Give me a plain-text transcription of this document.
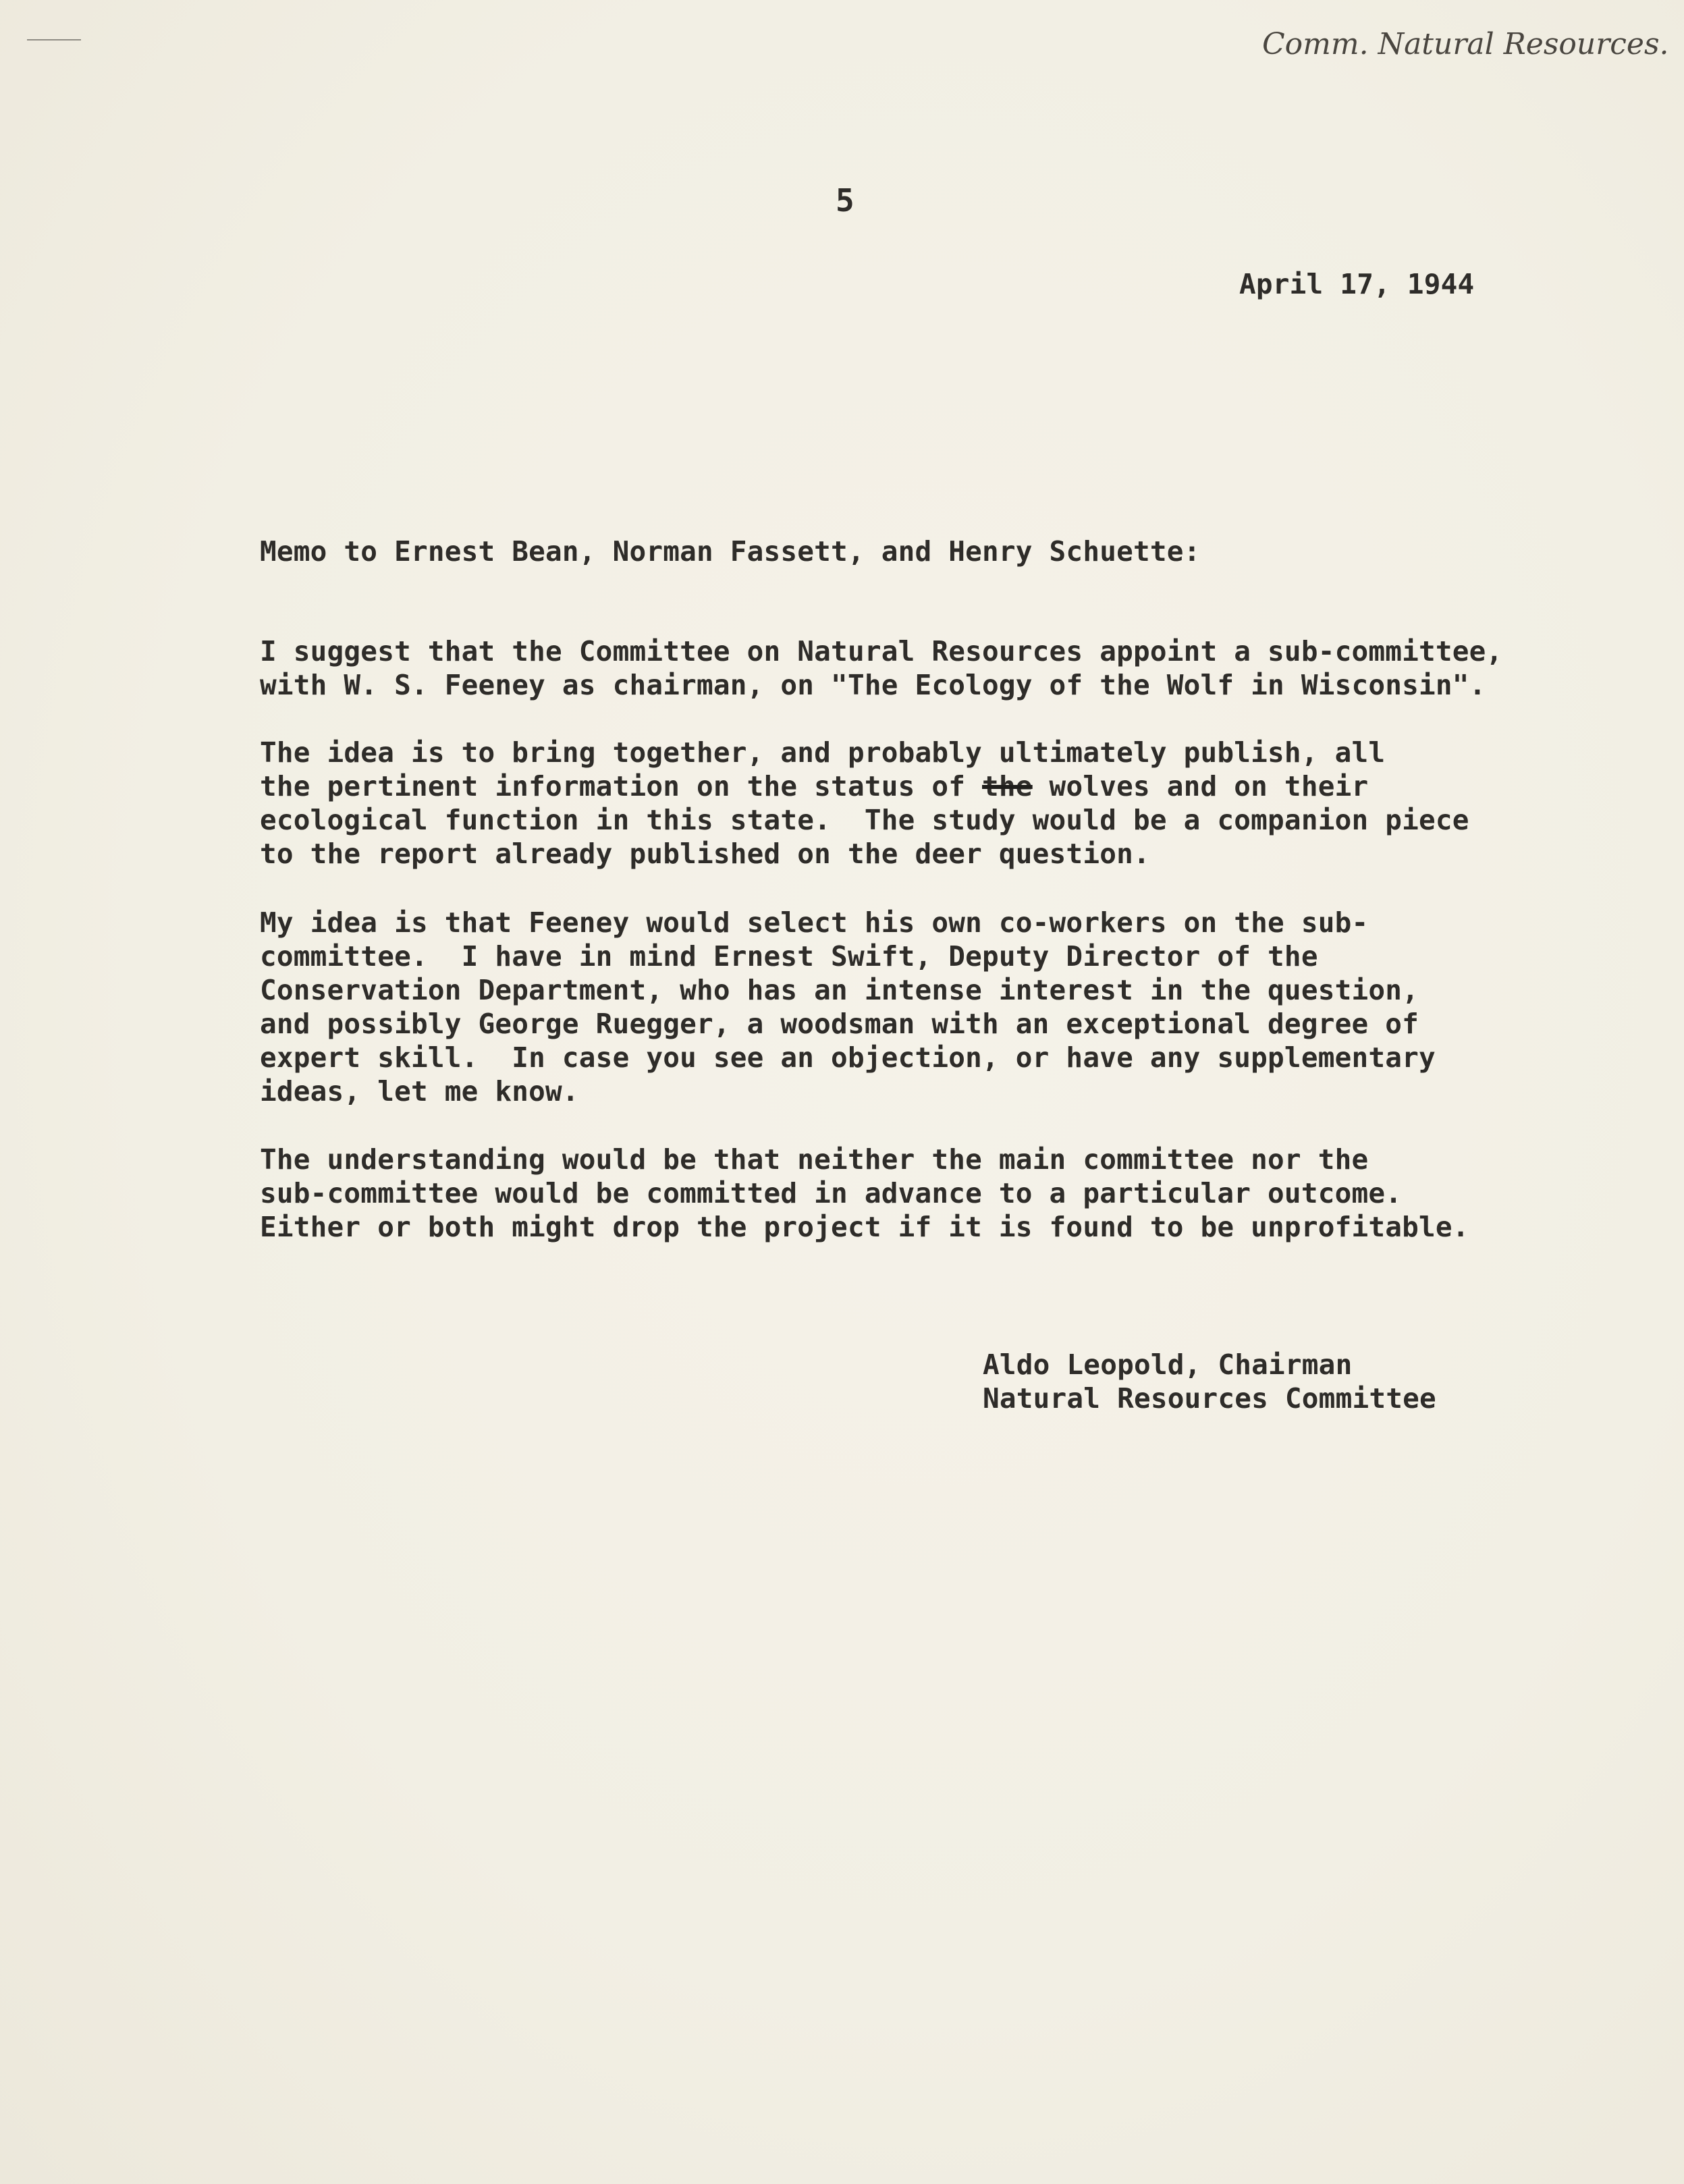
Comm. Natural Resources.
5
April 17, 1944
Memo to Ernest Bean, Norman Fassett, and Henry Schuette:
I suggest that the Committee on Natural Resources appoint a sub-committee,
with W. S. Feeney as chairman, on "The Ecology of the Wolf in Wisconsin".
The idea is to bring together, and probably ultimately publish, all
the pertinent information on the status of the wolves and on their
ecological function in this state.  The study would be a companion piece
to the report already published on the deer question.
My idea is that Feeney would select his own co-workers on the sub-
committee.  I have in mind Ernest Swift, Deputy Director of the
Conservation Department, who has an intense interest in the question,
and possibly George Ruegger, a woodsman with an exceptional degree of
expert skill.  In case you see an objection, or have any supplementary
ideas, let me know.
The understanding would be that neither the main committee nor the
sub-committee would be committed in advance to a particular outcome.
Either or both might drop the project if it is found to be unprofitable.
Aldo Leopold, Chairman
Natural Resources Committee
